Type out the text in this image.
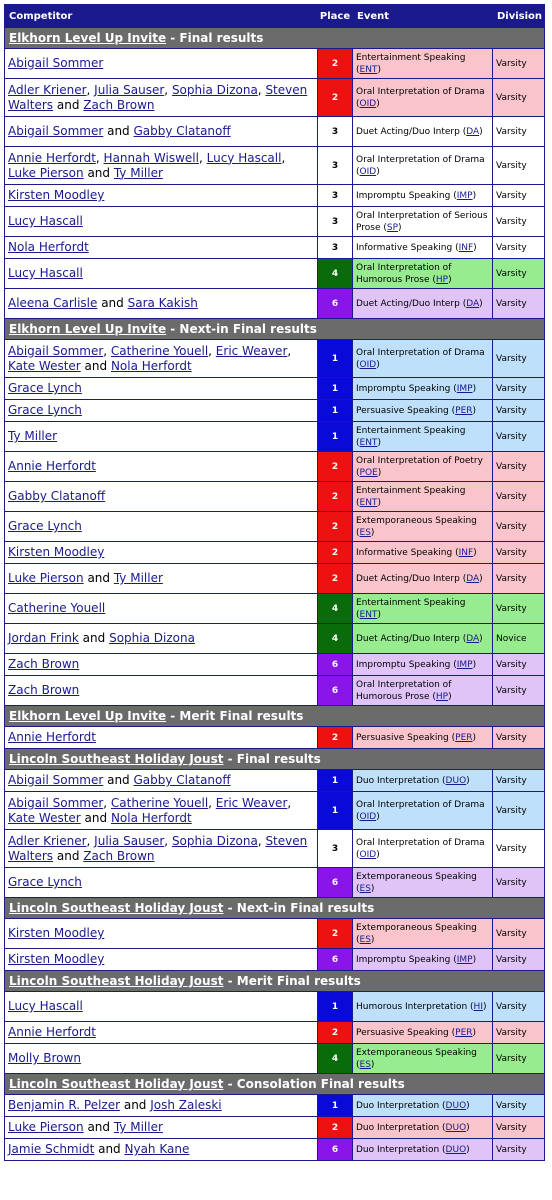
Competitor	Place	Event	Division
Elkhorn Level Up Invite - Final results			
Abigail Sommer	2	Entertainment Speaking (ENT)	Varsity
Adler Kriener, Julia Sauser, Sophia Dizona, Steven Walters and Zach Brown	2	Oral Interpretation of Drama (OID)	Varsity
Abigail Sommer and Gabby Clatanoff	3	Duet Acting/Duo Interp (DA)	Varsity
Annie Herfordt, Hannah Wiswell, Lucy Hascall, Luke Pierson and Ty Miller	3	Oral Interpretation of Drama (OID)	Varsity
Kirsten Moodley	3	Impromptu Speaking (IMP)	Varsity
Lucy Hascall	3	Oral Interpretation of Serious Prose (SP)	Varsity
Nola Herfordt	3	Informative Speaking (INF)	Varsity
Lucy Hascall	4	Oral Interpretation of Humorous Prose (HP)	Varsity
Aleena Carlisle and Sara Kakish	6	Duet Acting/Duo Interp (DA)	Varsity
Elkhorn Level Up Invite - Next-in Final results			
Abigail Sommer, Catherine Youell, Eric Weaver, Kate Wester and Nola Herfordt	1	Oral Interpretation of Drama (OID)	Varsity
Grace Lynch	1	Impromptu Speaking (IMP)	Varsity
Grace Lynch	1	Persuasive Speaking (PER)	Varsity
Ty Miller	1	Entertainment Speaking (ENT)	Varsity
Annie Herfordt	2	Oral Interpretation of Poetry (POE)	Varsity
Gabby Clatanoff	2	Entertainment Speaking (ENT)	Varsity
Grace Lynch	2	Extemporaneous Speaking (ES)	Varsity
Kirsten Moodley	2	Informative Speaking (INF)	Varsity
Luke Pierson and Ty Miller	2	Duet Acting/Duo Interp (DA)	Varsity
Catherine Youell	4	Entertainment Speaking (ENT)	Varsity
Jordan Frink and Sophia Dizona	4	Duet Acting/Duo Interp (DA)	Novice
Zach Brown	6	Impromptu Speaking (IMP)	Varsity
Zach Brown	6	Oral Interpretation of Humorous Prose (HP)	Varsity
Elkhorn Level Up Invite - Merit Final results			
Annie Herfordt	2	Persuasive Speaking (PER)	Varsity
Lincoln Southeast Holiday Joust - Final results			
Abigail Sommer and Gabby Clatanoff	1	Duo Interpretation (DUO)	Varsity
Abigail Sommer, Catherine Youell, Eric Weaver, Kate Wester and Nola Herfordt	1	Oral Interpretation of Drama (OID)	Varsity
Adler Kriener, Julia Sauser, Sophia Dizona, Steven Walters and Zach Brown	3	Oral Interpretation of Drama (OID)	Varsity
Grace Lynch	6	Extemporaneous Speaking (ES)	Varsity
Lincoln Southeast Holiday Joust - Next-in Final results			
Kirsten Moodley	2	Extemporaneous Speaking (ES)	Varsity
Kirsten Moodley	6	Impromptu Speaking (IMP)	Varsity
Lincoln Southeast Holiday Joust - Merit Final results			
Lucy Hascall	1	Humorous Interpretation (HI)	Varsity
Annie Herfordt	2	Persuasive Speaking (PER)	Varsity
Molly Brown	4	Extemporaneous Speaking (ES)	Varsity
Lincoln Southeast Holiday Joust - Consolation Final results			
Benjamin R. Pelzer and Josh Zaleski	1	Duo Interpretation (DUO)	Varsity
Luke Pierson and Ty Miller	2	Duo Interpretation (DUO)	Varsity
Jamie Schmidt and Nyah Kane	6	Duo Interpretation (DUO)	Varsity
